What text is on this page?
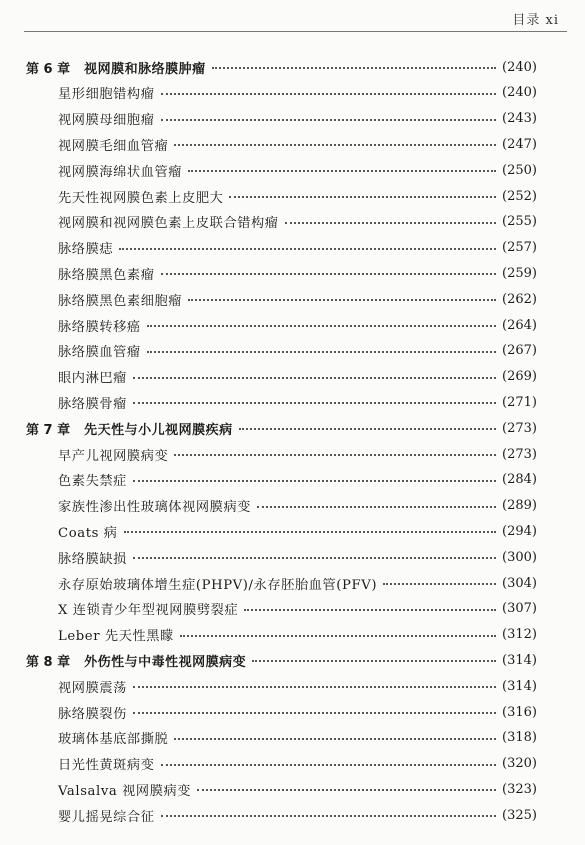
目录 xi
第 6 章 视网膜和脉络膜肿瘤	(240)
星形细胞错构瘤	(240)
视网膜母细胞瘤	(243)
视网膜毛细血管瘤	(247)
视网膜海绵状血管瘤	(250)
先天性视网膜色素上皮肥大	(252)
视网膜和视网膜色素上皮联合错构瘤	(255)
脉络膜痣	(257)
脉络膜黑色素瘤	(259)
脉络膜黑色素细胞瘤	(262)
脉络膜转移癌	(264)
脉络膜血管瘤	(267)
眼内淋巴瘤	(269)
脉络膜骨瘤	(271)
第 7 章 先天性与小儿视网膜疾病	(273)
早产儿视网膜病变	(273)
色素失禁症	(284)
家族性渗出性玻璃体视网膜病变	(289)
Coats 病	(294)
脉络膜缺损	(300)
永存原始玻璃体增生症(PHPV)/永存胚胎血管(PFV)	(304)
X 连锁青少年型视网膜劈裂症	(307)
Leber 先天性黑矇	(312)
第 8 章 外伤性与中毒性视网膜病变	(314)
视网膜震荡	(314)
脉络膜裂伤	(316)
玻璃体基底部撕脱	(318)
日光性黄斑病变	(320)
Valsalva 视网膜病变	(323)
婴儿摇晃综合征	(325)
